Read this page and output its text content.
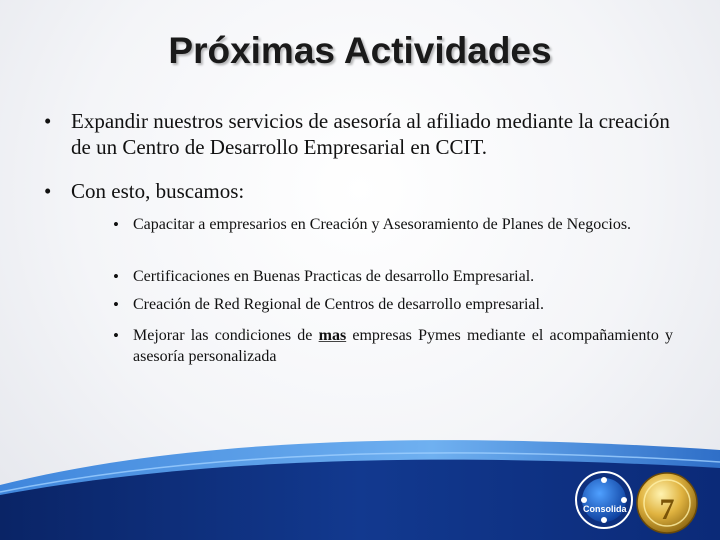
Próximas Actividades
• Expandir nuestros servicios de asesoría al afiliado mediante la creación de un Centro de Desarrollo Empresarial en CCIT.
• Con esto, buscamos:
• Capacitar a empresarios en Creación y Asesoramiento de Planes de Negocios.
• Certificaciones en Buenas Practicas de desarrollo Empresarial.
• Creación de Red Regional de Centros de desarrollo empresarial.
• Mejorar las condiciones de mas empresas Pymes mediante el acompañamiento y asesoría personalizada
Consolida 7
